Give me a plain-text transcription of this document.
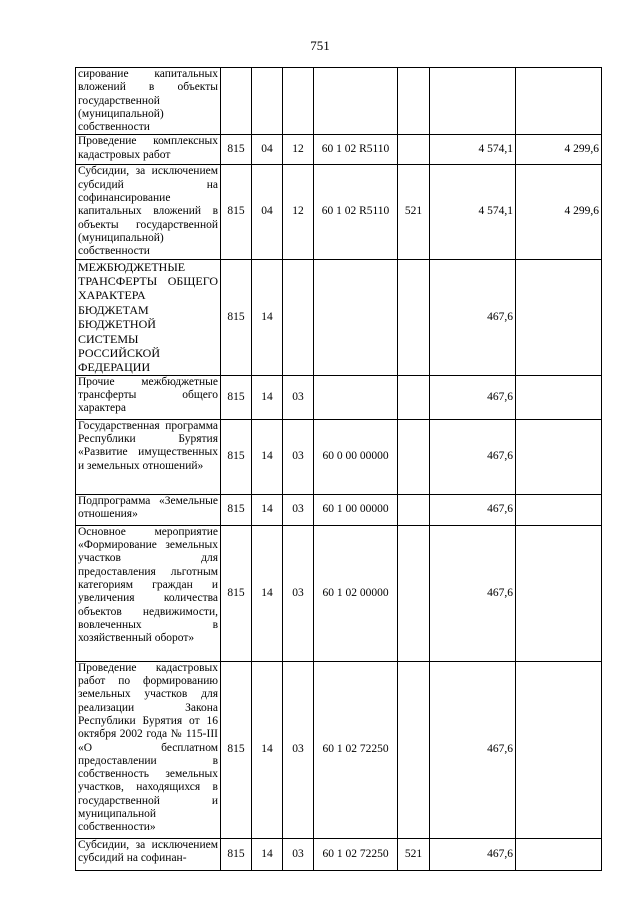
751
сирование капитальных вложений в объекты государственной (муниципальной) собственности							
Проведение комплексных кадастровых работ	815	04	12	60 1 02 R5110		4 574,1	4 299,6
Субсидии, за исключением субсидий на софинансирование капитальных вложений в объекты государственной (муниципальной) собственности	815	04	12	60 1 02 R5110	521	4 574,1	4 299,6
МЕЖБЮДЖЕТНЫЕ ТРАНСФЕРТЫ ОБЩЕГО ХАРАКТЕРА БЮДЖЕТАМ БЮДЖЕТНОЙ СИСТЕМЫ РОССИЙСКОЙ ФЕДЕРАЦИИ	815	14				467,6	
Прочие межбюджетные трансферты общего характера	815	14	03			467,6	
Государственная программа Республики Бурятия «Развитие имущественных и земельных отношений»	815	14	03	60 0 00 00000		467,6	
Подпрограмма «Земельные отношения»	815	14	03	60 1 00 00000		467,6	
Основное мероприятие «Формирование земельных участков для предоставления льготным категориям граждан и увеличения количества объектов недвижимости, вовлеченных в хозяйственный оборот»	815	14	03	60 1 02 00000		467,6	
Проведение кадастровых работ по формированию земельных участков для реализации Закона Республики Бурятия от 16 октября 2002 года № 115-III «О бесплатном предоставлении в собственность земельных участков, находящихся в государственной и муниципальной собственности»	815	14	03	60 1 02 72250		467,6	
Субсидии, за исключением субсидий на софинан-	815	14	03	60 1 02 72250	521	467,6	
